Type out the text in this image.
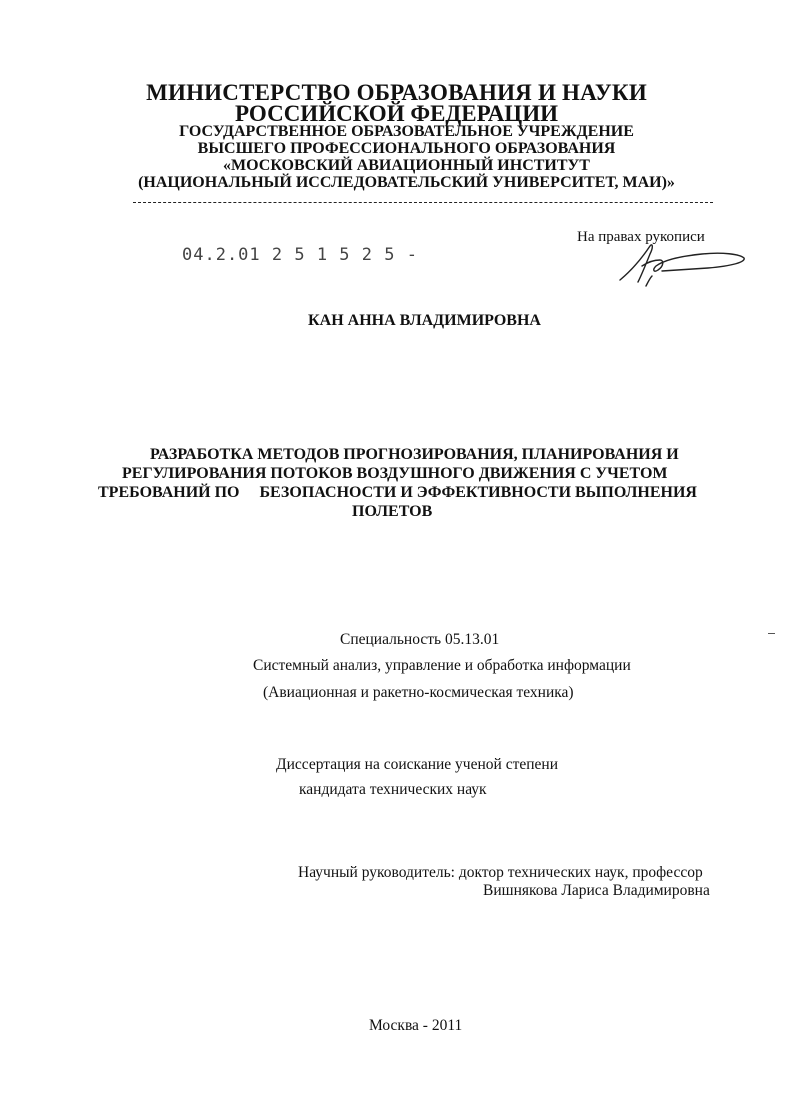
МИНИСТЕРСТВО ОБРАЗОВАНИЯ И НАУКИ
РОССИЙСКОЙ ФЕДЕРАЦИИ
ГОСУДАРСТВЕННОЕ ОБРАЗОВАТЕЛЬНОЕ УЧРЕЖДЕНИЕ
ВЫСШЕГО ПРОФЕССИОНАЛЬНОГО ОБРАЗОВАНИЯ
«МОСКОВСКИЙ АВИАЦИОННЫЙ ИНСТИТУТ
(НАЦИОНАЛЬНЫЙ ИССЛЕДОВАТЕЛЬСКИЙ УНИВЕРСИТЕТ, МАИ)»
04.2.01 2 5 1 5 2 5 -
На правах рукописи
КАН АННА ВЛАДИМИРОВНА
РАЗРАБОТКА МЕТОДОВ ПРОГНОЗИРОВАНИЯ, ПЛАНИРОВАНИЯ И
РЕГУЛИРОВАНИЯ ПОТОКОВ ВОЗДУШНОГО ДВИЖЕНИЯ С УЧЕТОМ
ТРЕБОВАНИЙ ПО     БЕЗОПАСНОСТИ И ЭФФЕКТИВНОСТИ ВЫПОЛНЕНИЯ
ПОЛЕТОВ
Специальность 05.13.01
Системный анализ, управление и обработка информации
(Авиационная и ракетно-космическая техника)
Диссертация на соискание ученой степени
кандидата технических наук
Научный руководитель: доктор технических наук, профессор
Вишнякова Лариса Владимировна
Москва - 2011
